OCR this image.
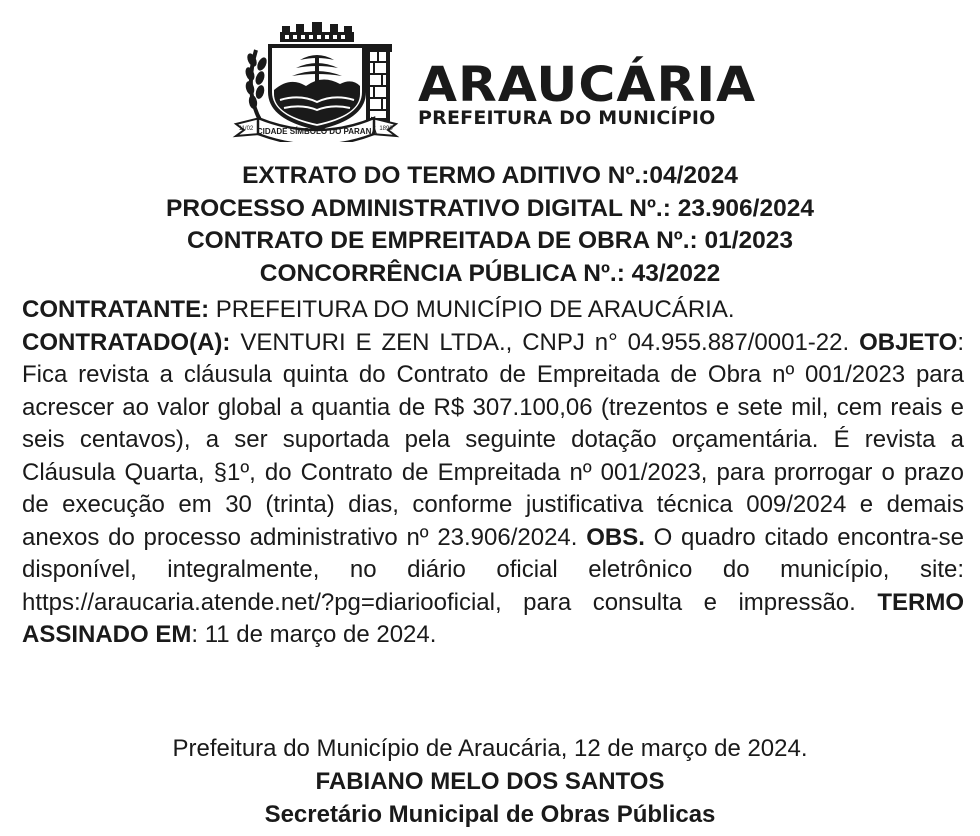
CIDADE SÍMBOLO DO PARANÁ
11/02	1890
ARAUCÁRIA
PREFEITURA DO MUNICÍPIO
EXTRATO DO TERMO ADITIVO Nº.:04/2024
PROCESSO ADMINISTRATIVO DIGITAL Nº.: 23.906/2024
CONTRATO DE EMPREITADA DE OBRA Nº.: 01/2023
CONCORRÊNCIA PÚBLICA Nº.: 43/2022

CONTRATANTE: PREFEITURA DO MUNICÍPIO DE ARAUCÁRIA.

CONTRATADO(A): VENTURI E ZEN LTDA., CNPJ n° 04.955.887/0001-22. OBJETO: Fica revista a cláusula quinta do Contrato de Empreitada de Obra nº 001/2023 para acrescer ao valor global a quantia de R$ 307.100,06 (trezentos e sete mil, cem reais e seis centavos), a ser suportada pela seguinte dotação orçamentária. É revista a Cláusula Quarta, §1º, do Contrato de Empreitada nº 001/2023, para prorrogar o prazo de execução em 30 (trinta) dias, conforme justificativa técnica 009/2024 e demais anexos do processo administrativo nº 23.906/2024. OBS. O quadro citado encontra-se disponível, integralmente, no diário oficial eletrônico do município, site: https://araucaria.atende.net/?pg=diariooficial, para consulta e impressão. TERMO ASSINADO EM: 11 de março de 2024.

Prefeitura do Município de Araucária, 12 de março de 2024.
FABIANO MELO DOS SANTOS
Secretário Municipal de Obras Públicas
